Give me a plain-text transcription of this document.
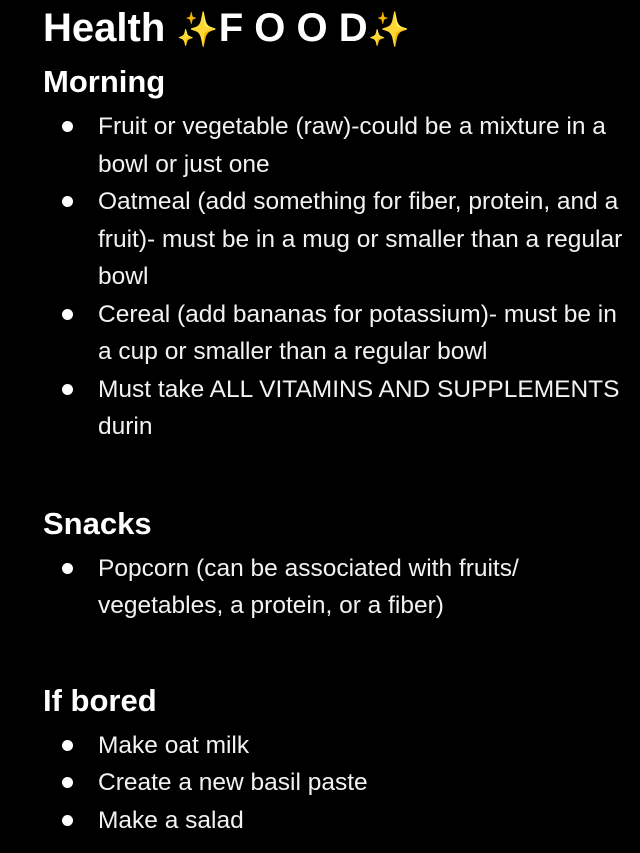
Health ✨F O O D✨
Morning
Fruit or vegetable (raw)-could be a mixture in a bowl or just one
Oatmeal (add something for fiber, protein, and a fruit)- must be in a mug or smaller than a regular bowl
Cereal (add bananas for potassium)- must be in a cup or smaller than a regular bowl
Must take ALL VITAMINS AND SUPPLEMENTS durin
Snacks
Popcorn (can be associated with fruits/ vegetables, a protein, or a fiber)
If bored
Make oat milk
Create a new basil paste
Make a salad
